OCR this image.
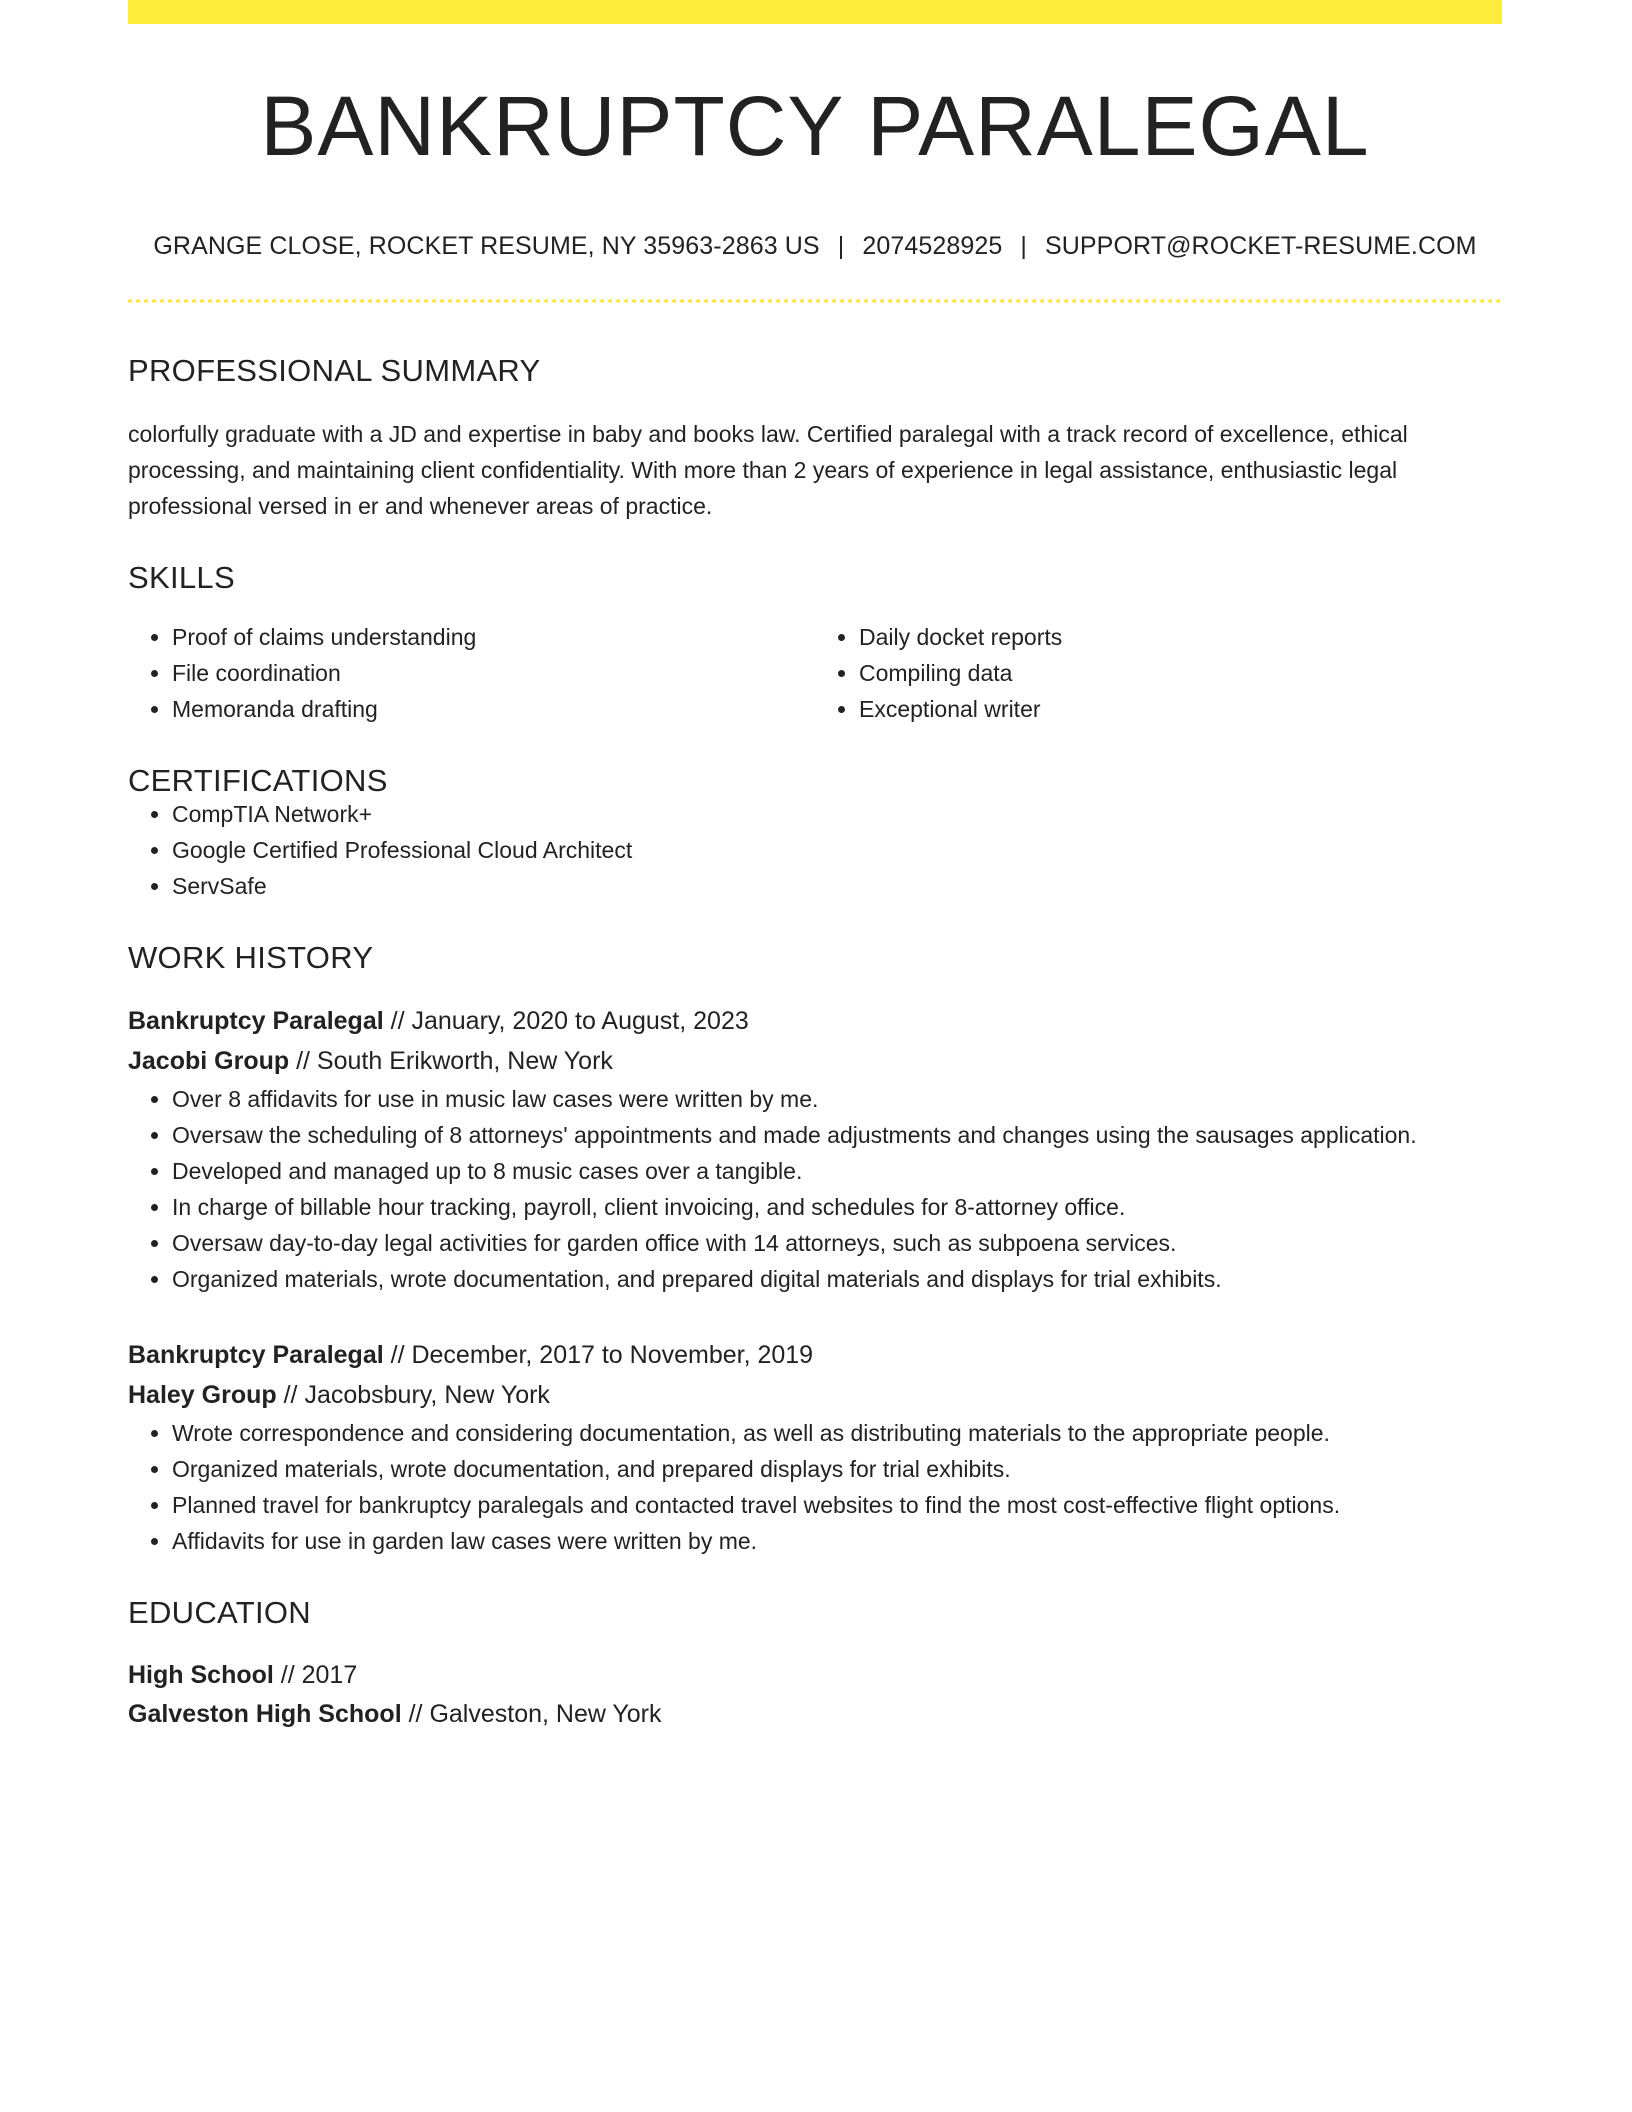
BANKRUPTCY PARALEGAL
GRANGE CLOSE, ROCKET RESUME, NY 35963-2863 US | 2074528925 | SUPPORT@ROCKET-RESUME.COM
PROFESSIONAL SUMMARY
colorfully graduate with a JD and expertise in baby and books law. Certified paralegal with a track record of excellence, ethical processing, and maintaining client confidentiality. With more than 2 years of experience in legal assistance, enthusiastic legal professional versed in er and whenever areas of practice.
SKILLS
• Proof of claims understanding
• File coordination
• Memoranda drafting
• Daily docket reports
• Compiling data
• Exceptional writer
CERTIFICATIONS
• CompTIA Network+
• Google Certified Professional Cloud Architect
• ServSafe
WORK HISTORY
Bankruptcy Paralegal // January, 2020 to August, 2023
Jacobi Group // South Erikworth, New York
• Over 8 affidavits for use in music law cases were written by me.
• Oversaw the scheduling of 8 attorneys' appointments and made adjustments and changes using the sausages application.
• Developed and managed up to 8 music cases over a tangible.
• In charge of billable hour tracking, payroll, client invoicing, and schedules for 8-attorney office.
• Oversaw day-to-day legal activities for garden office with 14 attorneys, such as subpoena services.
• Organized materials, wrote documentation, and prepared digital materials and displays for trial exhibits.
Bankruptcy Paralegal // December, 2017 to November, 2019
Haley Group // Jacobsbury, New York
• Wrote correspondence and considering documentation, as well as distributing materials to the appropriate people.
• Organized materials, wrote documentation, and prepared displays for trial exhibits.
• Planned travel for bankruptcy paralegals and contacted travel websites to find the most cost-effective flight options.
• Affidavits for use in garden law cases were written by me.
EDUCATION
High School // 2017
Galveston High School // Galveston, New York
